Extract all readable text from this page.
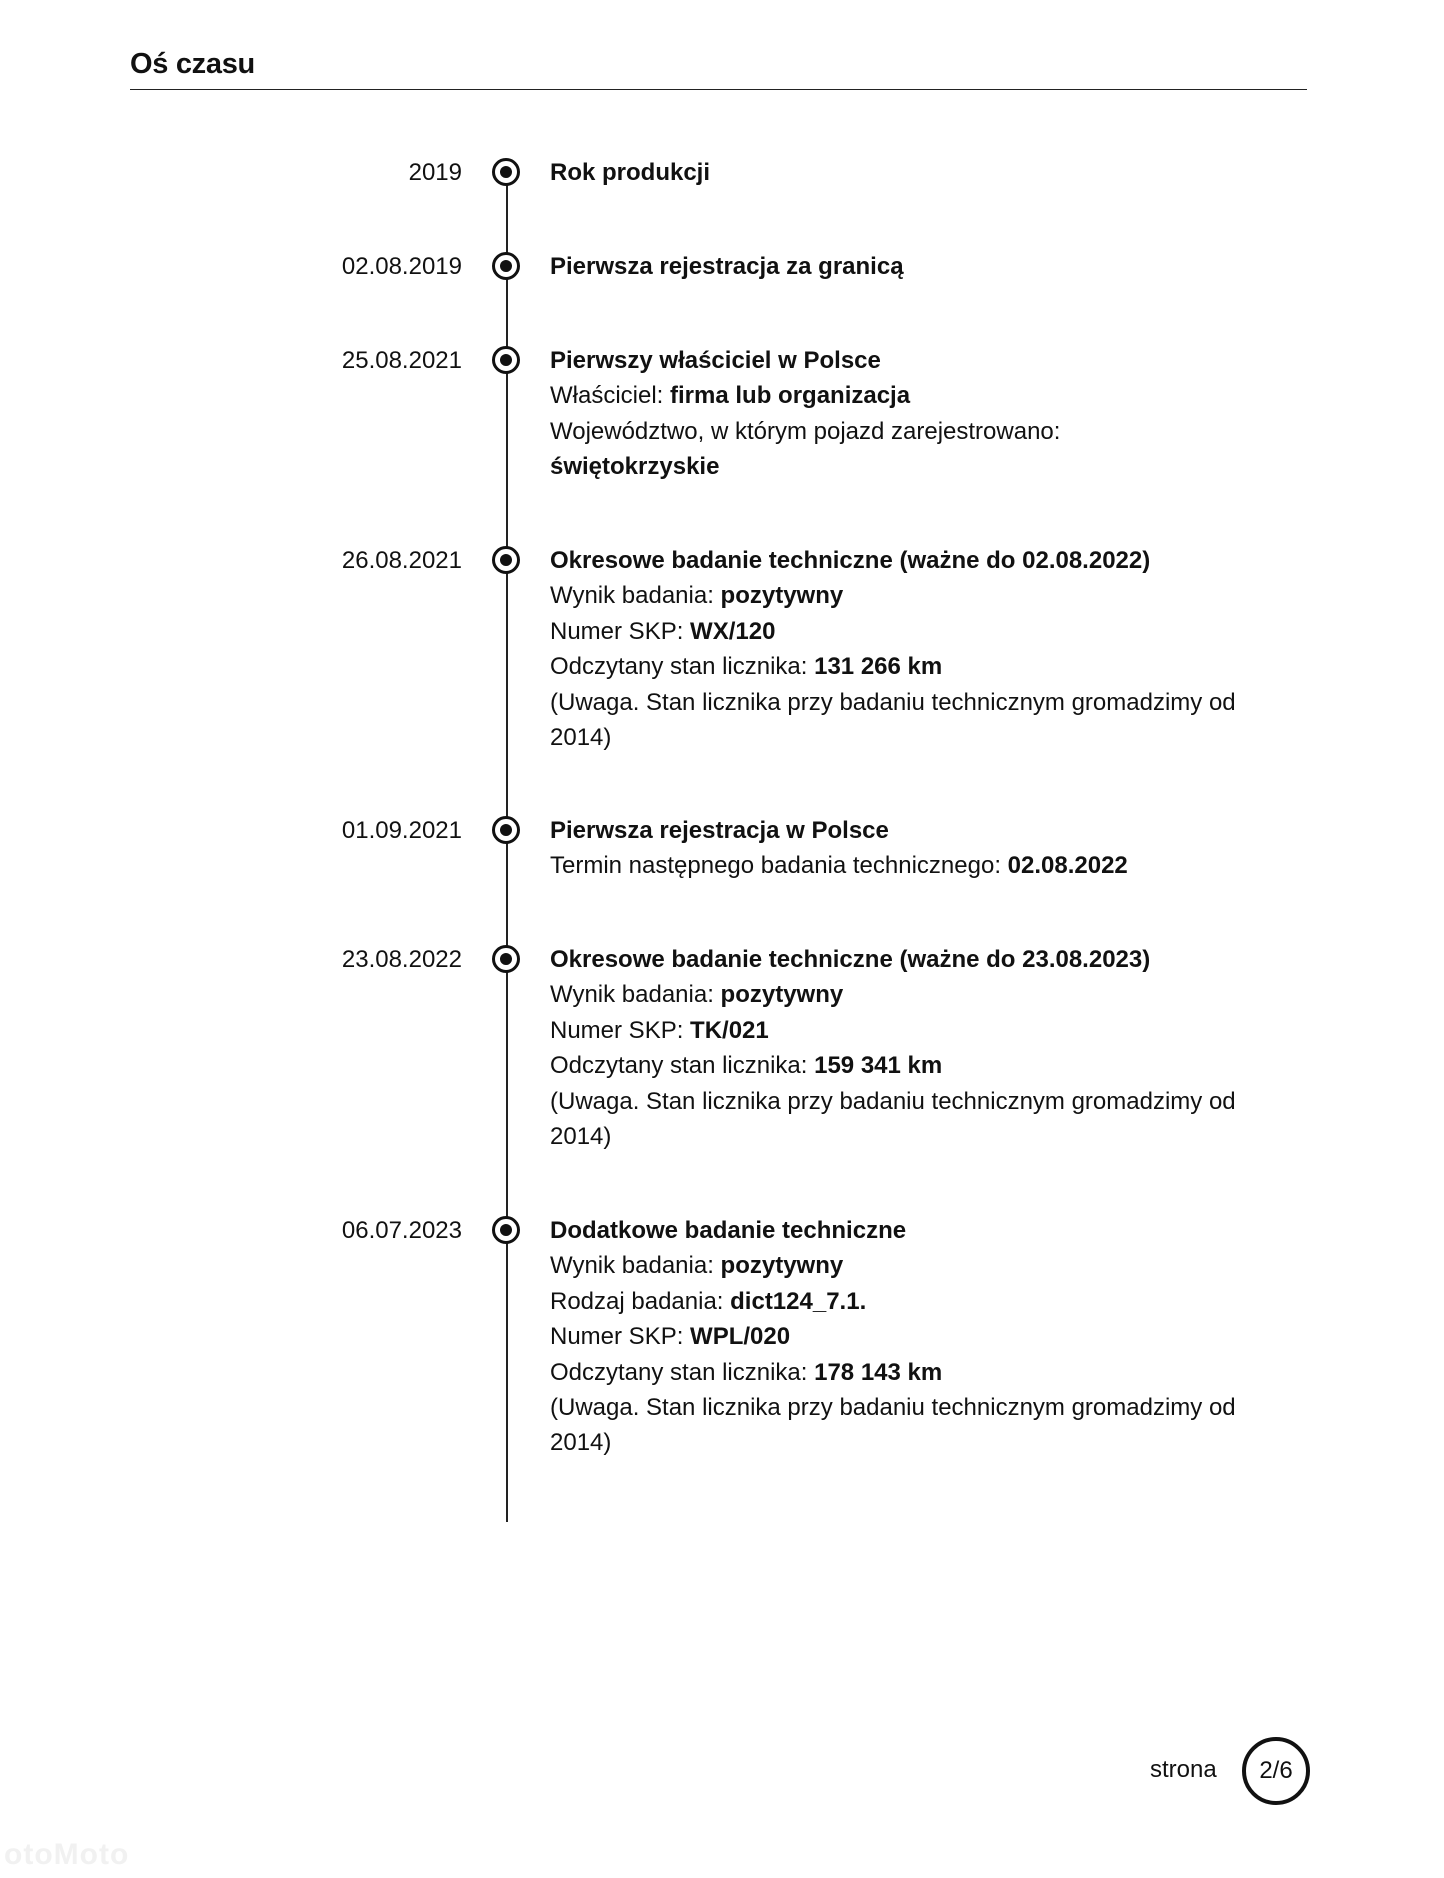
Oś czasu
2019	Rok produkcji
02.08.2019	Pierwsza rejestracja za granicą
25.08.2021	Pierwszy właściciel w Polsce
Właściciel: firma lub organizacja
Województwo, w którym pojazd zarejestrowano:
świętokrzyskie
26.08.2021	Okresowe badanie techniczne (ważne do 02.08.2022)
Wynik badania: pozytywny
Numer SKP: WX/120
Odczytany stan licznika: 131 266 km
(Uwaga. Stan licznika przy badaniu technicznym gromadzimy od
2014)
01.09.2021	Pierwsza rejestracja w Polsce
Termin następnego badania technicznego: 02.08.2022
23.08.2022	Okresowe badanie techniczne (ważne do 23.08.2023)
Wynik badania: pozytywny
Numer SKP: TK/021
Odczytany stan licznika: 159 341 km
(Uwaga. Stan licznika przy badaniu technicznym gromadzimy od
2014)
06.07.2023	Dodatkowe badanie techniczne
Wynik badania: pozytywny
Rodzaj badania: dict124_7.1.
Numer SKP: WPL/020
Odczytany stan licznika: 178 143 km
(Uwaga. Stan licznika przy badaniu technicznym gromadzimy od
2014)
strona	2/6
otoMoto
